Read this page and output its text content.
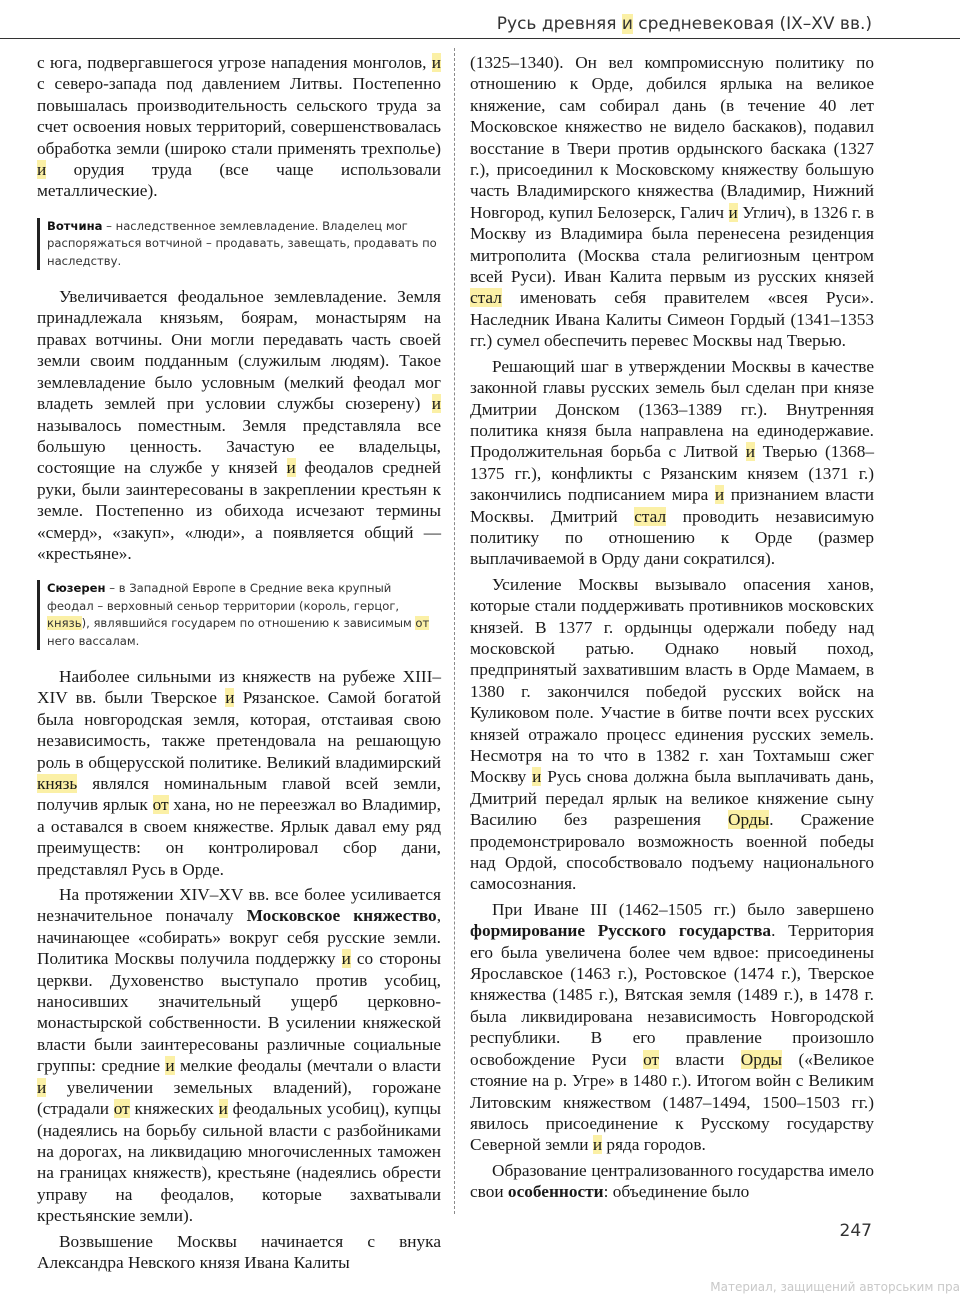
Русь древняя и средневековая (IX–XV вв.)

с юга, подвергавшегося угрозе нападения монголов, и с северо-запада под давлением Литвы. Постепенно повышалась производительность сельского труда за счет освоения новых территорий, совершенствовалась обработка земли (широко стали применять трехполье) и орудия труда (все чаще использовали металлические).

Вотчина – наследственное землевладение. Владелец мог распоряжаться вотчиной – продавать, завещать, продавать по наследству.

Увеличивается феодальное землевладение. Земля принадлежала князьям, боярам, монастырям на правах вотчины. Они могли передавать часть своей земли своим подданным (служилым людям). Такое землевладение было условным (мелкий феодал мог владеть землей при условии службы сюзерену) и называлось поместным. Земля представляла все большую ценность. Зачастую ее владельцы, состоящие на службе у князей и феодалов средней руки, были заинтересованы в закреплении крестьян к земле. Постепенно из обихода исчезают термины «смерд», «закуп», «люди», а появляется общий — «крестьяне».

Сюзерен – в Западной Европе в Средние века крупный феодал – верховный сеньор территории (король, герцог, князь), являвшийся государем по отношению к зависимым от него вассалам.

Наиболее сильными из княжеств на рубеже XIII–XIV вв. были Тверское и Рязанское. Самой богатой была новгородская земля, которая, отстаивая свою независимость, также претендовала на решающую роль в общерусской политике. Великий владимирский князь являлся номинальным главой всей земли, получив ярлык от хана, но не переезжал во Владимир, а оставался в своем княжестве. Ярлык давал ему ряд преимуществ: он контролировал сбор дани, представлял Русь в Орде.

На протяжении XIV–XV вв. все более усиливается незначительное поначалу Московское княжество, начинающее «собирать» вокруг себя русские земли. Политика Москвы получила поддержку и со стороны церкви. Духовенство выступало против усобиц, наносивших значительный ущерб церковно-монастырской собственности. В усилении княжеской власти были заинтересованы различные социальные группы: средние и мелкие феодалы (мечтали о власти и увеличении земельных владений), горожане (страдали от княжеских и феодальных усобиц), купцы (надеялись на борьбу сильной власти с разбойниками на дорогах, на ликвидацию многочисленных таможен на границах княжеств), крестьяне (надеялись обрести управу на феодалов, которые захватывали крестьянские земли).

Возвышение Москвы начинается с внука Александра Невского князя Ивана Калиты

(1325–1340). Он вел компромиссную политику по отношению к Орде, добился ярлыка на великое княжение, сам собирал дань (в течение 40 лет Московское княжество не видело баскаков), подавил восстание в Твери против ордынского баскака (1327 г.), присоединил к Московскому княжеству большую часть Владимирского княжества (Владимир, Нижний Новгород, купил Белозерск, Галич и Углич), в 1326 г. в Москву из Владимира была перенесена резиденция митрополита (Москва стала религиозным центром всей Руси). Иван Калита первым из русских князей стал именовать себя правителем «всея Руси». Наследник Ивана Калиты Симеон Гордый (1341–1353 гг.) сумел обеспечить перевес Москвы над Тверью.

Решающий шаг в утверждении Москвы в качестве законной главы русских земель был сделан при князе Дмитрии Донском (1363–1389 гг.). Внутренняя политика князя была направлена на единодержавие. Продолжительная борьба с Литвой и Тверью (1368–1375 гг.), конфликты с Рязанским князем (1371 г.) закончились подписанием мира и признанием власти Москвы. Дмитрий стал проводить независимую политику по отношению к Орде (размер выплачиваемой в Орду дани сократился).

Усиление Москвы вызывало опасения ханов, которые стали поддерживать противников московских князей. В 1377 г. ордынцы одержали победу над московской ратью. Однако новый поход, предпринятый захватившим власть в Орде Мамаем, в 1380 г. закончился победой русских войск на Куликовом поле. Участие в битве почти всех русских князей отражало процесс единения русских земель. Несмотря на то что в 1382 г. хан Тохтамыш сжег Москву и Русь снова должна была выплачивать дань, Дмитрий передал ярлык на великое княжение сыну Василию без разрешения Орды. Сражение продемонстрировало возможность военной победы над Ордой, способствовало подъему национального самосознания.

При Иване III (1462–1505 гг.) было завершено формирование Русского государства. Территория его была увеличена более чем вдвое: присоединены Ярославское (1463 г.), Ростовское (1474 г.), Тверское княжества (1485 г.), Вятская земля (1489 г.), в 1478 г. была ликвидирована независимость Новгородской республики. В его правление произошло освобождение Руси от власти Орды («Великое стояние на р. Угре» в 1480 г.). Итогом войн с Великим Литовским княжеством (1487–1494, 1500–1503 гг.) явилось присоединение к Русскому государству Северной земли и ряда городов.

Образование централизованного государства имело свои особенности: объединение было

247
Материал, защищений авторським пра
